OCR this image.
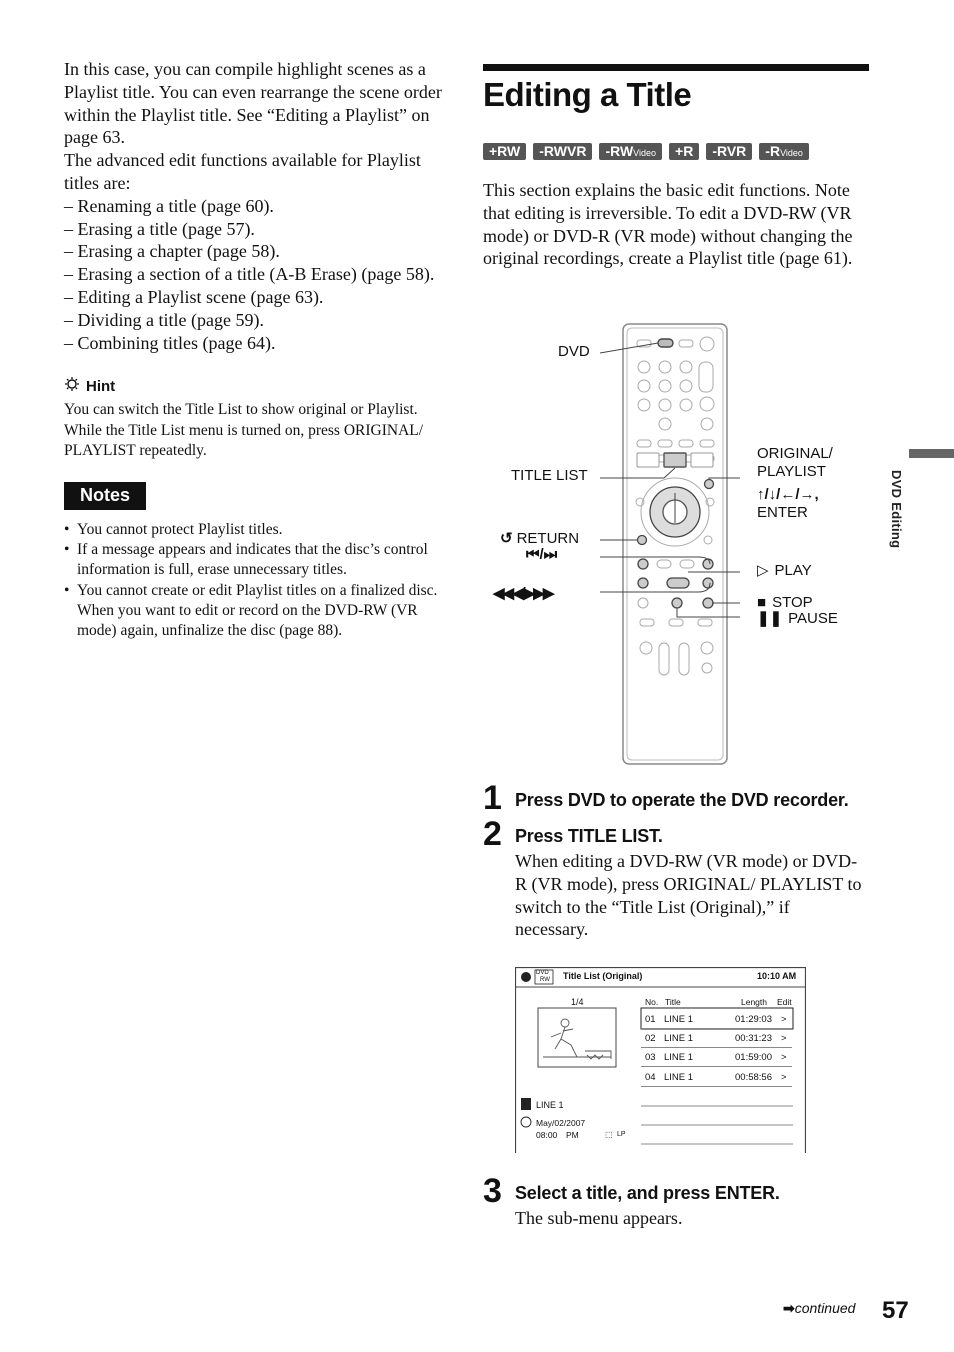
In this case, you can compile highlight scenes as a Playlist title. You can even rearrange the scene order within the Playlist title. See “Editing a Playlist” on page 63.

The advanced edit functions available for Playlist titles are:

– Renaming a title (page 60).
– Erasing a title (page 57).
– Erasing a chapter (page 58).
– Erasing a section of a title (A-B Erase) (page 58).
– Editing a Playlist scene (page 63).
– Dividing a title (page 59).
– Combining titles (page 64).
Hint

You can switch the Title List to show original or Playlist. While the Title List menu is turned on, press ORIGINAL/ PLAYLIST repeatedly.

Notes
• You cannot protect Playlist titles.
• If a message appears and indicates that the disc’s control information is full, erase unnecessary titles.
• You cannot create or edit Playlist titles on a finalized disc. When you want to edit or record on the DVD-RW (VR mode) again, unfinalize the disc (page 88).
Editing a Title
+RW	-RWVR	-RWVideo	+R	-RVR	-RVideo

This section explains the basic edit functions. Note that editing is irreversible. To edit a DVD-RW (VR mode) or DVD-R (VR mode) without changing the original recordings, create a Playlist title (page 61).

DVD
TITLE LIST
↺ RETURN
⏮/⏭
◀◀◀/▶▶▶
ORIGINAL/
PLAYLIST
↑/↓/←/→,
ENTER
▷ PLAY
■ STOP
❚❚ PAUSE
1 Press DVD to operate the DVD recorder.
2 Press TITLE LIST.

When editing a DVD-RW (VR mode) or DVD-R (VR mode), press ORIGINAL/ PLAYLIST to switch to the “Title List (Original),” if necessary.

DVD
RW Title List (Original)	10:10 AM
1/4	No. Title	Length Edit
LINE 1
May/02/2007
08:00 PM	⬚ LP
01 LINE 1	01:29:03 >
02 LINE 1	00:31:23 >
03 LINE 1	01:59:00 >
04 LINE 1	00:58:56 >
3 Select a title, and press ENTER.

The sub-menu appears.

DVD Editing
➡continued 57
